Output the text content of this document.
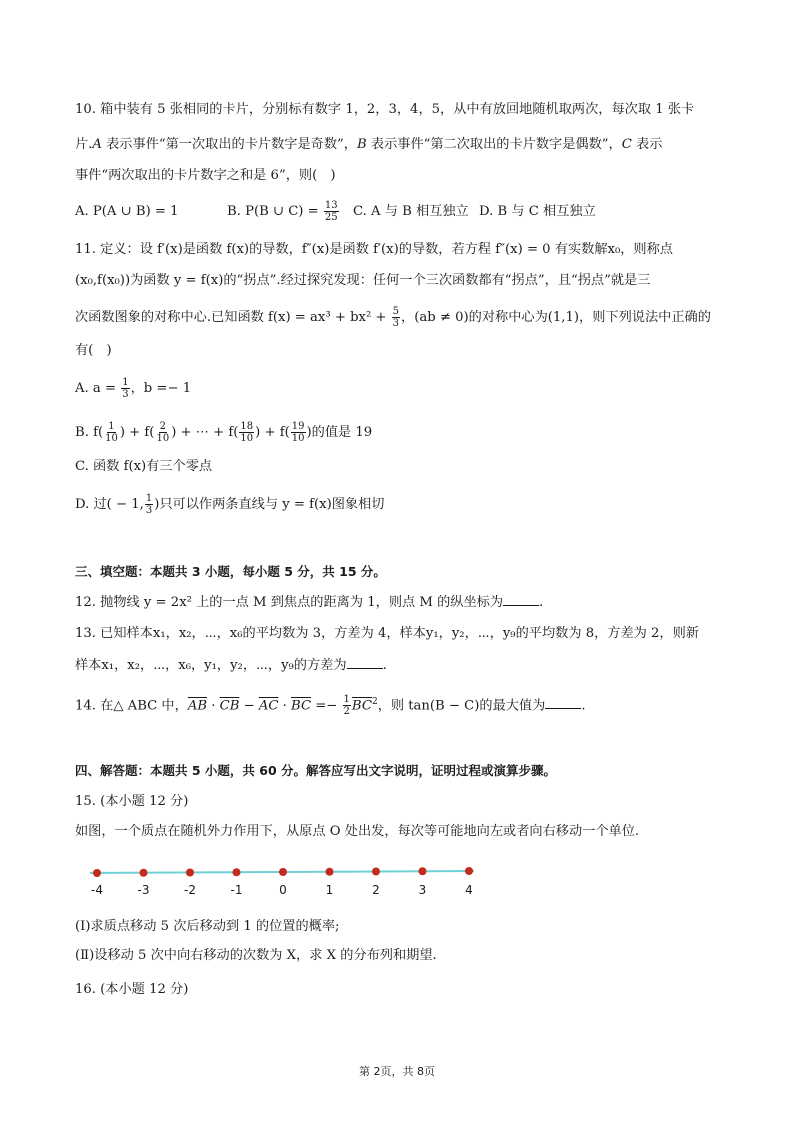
10. 箱中装有 5 张相同的卡片，分别标有数字 1，2，3，4，5，从中有放回地随机取两次，每次取 1 张卡
片.A 表示事件“第一次取出的卡片数字是奇数”，B 表示事件“第二次取出的卡片数字是偶数”，C 表示
事件“两次取出的卡片数字之和是 6”，则(　)
A. P(A ∪ B) = 1	B. P(B ∪ $C) = \frac{13}{25} C$. A 与 B 相互独立 D. B 与 C 相互独立
11. 定义：设 f′(x)是函数 f(x)的导数，f″(x)是函数 f′(x)的导数，若方程 f″(x) = 0 有实数解x₀，则称点
(x₀,f(x₀))为函数 y = f(x)的“拐点”.经过探究发现：任何一个三次函数都有“拐点”，且“拐点”就是三
次函数图象的对称中心.已知函数 $f(x) = ax^3 + bx^2 + \frac{5}{3}$ ，(ab ≠ 0)的对称中心为(1,1)，则下列说法中正确的
有(　)
A. $a = \frac{1}{3}$ ，b =− 1
B. $f( \frac{1}{10}$ ) + $f( \frac{2}{10}$ ) + ⋯ + $f( \frac{18}{10}$ ) + $f( \frac{19}{10}$ )的值是 19
C. 函数 f(x)有三个零点
D. 过( − 1, $\frac{1}{3}$ )只可以作两条直线与 y = f(x)图象相切
三、填空题：本题共 3 小题，每小题 5 分，共 15 分。
12. 抛物线 y = 2x² 上的一点 M 到焦点的距离为 1，则点 M 的纵坐标为	.
13. 已知样本x₁，x₂，⋯，x₆的平均数为 3，方差为 4，样本y₁，y₂，⋯，y₉的平均数为 8，方差为 2，则新
样本x₁，x₂，⋯，x₆，y₁，y₂，⋯，y₉的方差为	.
14. 在△ ABC 中，$\overline{AB} \cdot \overline{CB} - \overline{AC} \cdot \overline{BC} =- \frac{1}{2} \overline{BC}^2$，则 tan(B − C)的最大值为	.
四、解答题：本题共 5 小题，共 60 分。解答应写出文字说明，证明过程或演算步骤。
15. (本小题 12 分)
如图，一个质点在随机外力作用下，从原点 O 处出发，每次等可能地向左或者向右移动一个单位.
-4	-3	-2	-1	0	1	2	3	4
(Ⅰ)求质点移动 5 次后移动到 1 的位置的概率;
(Ⅱ)设移动 5 次中向右移动的次数为 X，求 X 的分布列和期望.
16. (本小题 12 分)
第 2页，共 8页
